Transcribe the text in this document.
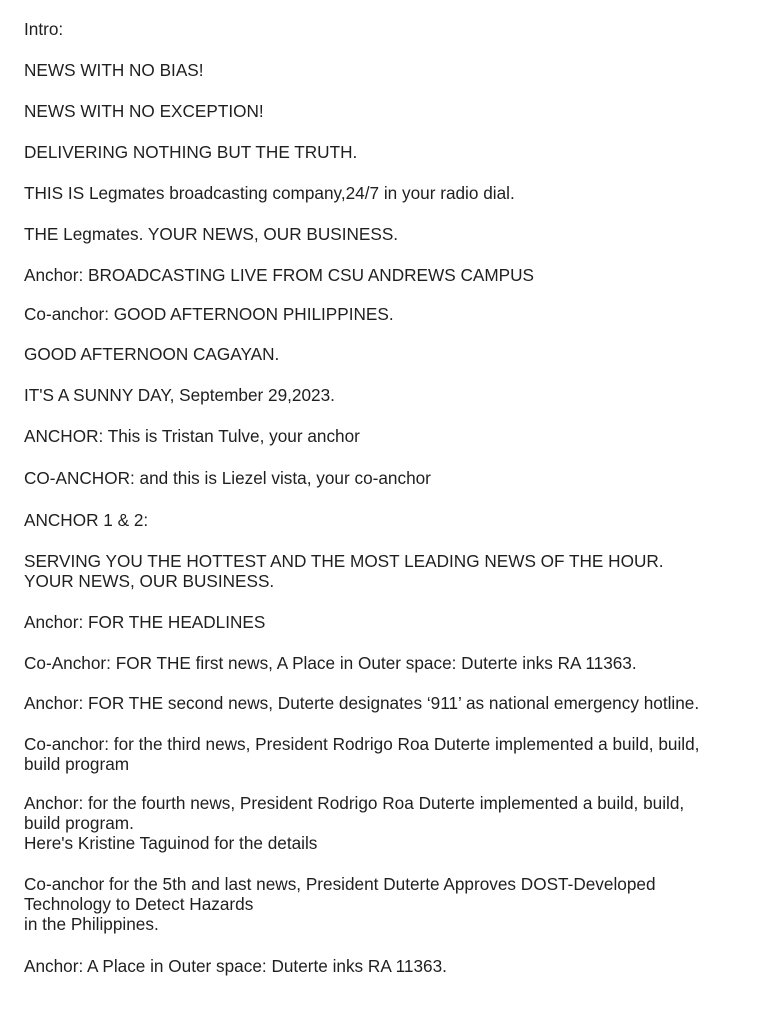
Intro:

NEWS WITH NO BIAS!

NEWS WITH NO EXCEPTION!

DELIVERING NOTHING BUT THE TRUTH.

THIS IS Legmates broadcasting company,24/7 in your radio dial.

THE Legmates. YOUR NEWS, OUR BUSINESS.

Anchor: BROADCASTING LIVE FROM CSU ANDREWS CAMPUS

Co-anchor: GOOD AFTERNOON PHILIPPINES.

GOOD AFTERNOON CAGAYAN.

IT'S A SUNNY DAY, September 29,2023.

ANCHOR: This is Tristan Tulve, your anchor

CO-ANCHOR: and this is Liezel vista, your co-anchor

ANCHOR 1 & 2:

SERVING YOU THE HOTTEST AND THE MOST LEADING NEWS OF THE HOUR.
YOUR NEWS, OUR BUSINESS.

Anchor: FOR THE HEADLINES

Co-Anchor: FOR THE first news, A Place in Outer space: Duterte inks RA 11363.

Anchor: FOR THE second news, Duterte designates ‘911’ as national emergency hotline.

Co-anchor: for the third news, President Rodrigo Roa Duterte implemented a build, build,
build program

Anchor: for the fourth news, President Rodrigo Roa Duterte implemented a build, build,
build program.
Here's Kristine Taguinod for the details

Co-anchor for the 5th and last news, President Duterte Approves DOST-Developed
Technology to Detect Hazards
in the Philippines.

Anchor: A Place in Outer space: Duterte inks RA 11363.
